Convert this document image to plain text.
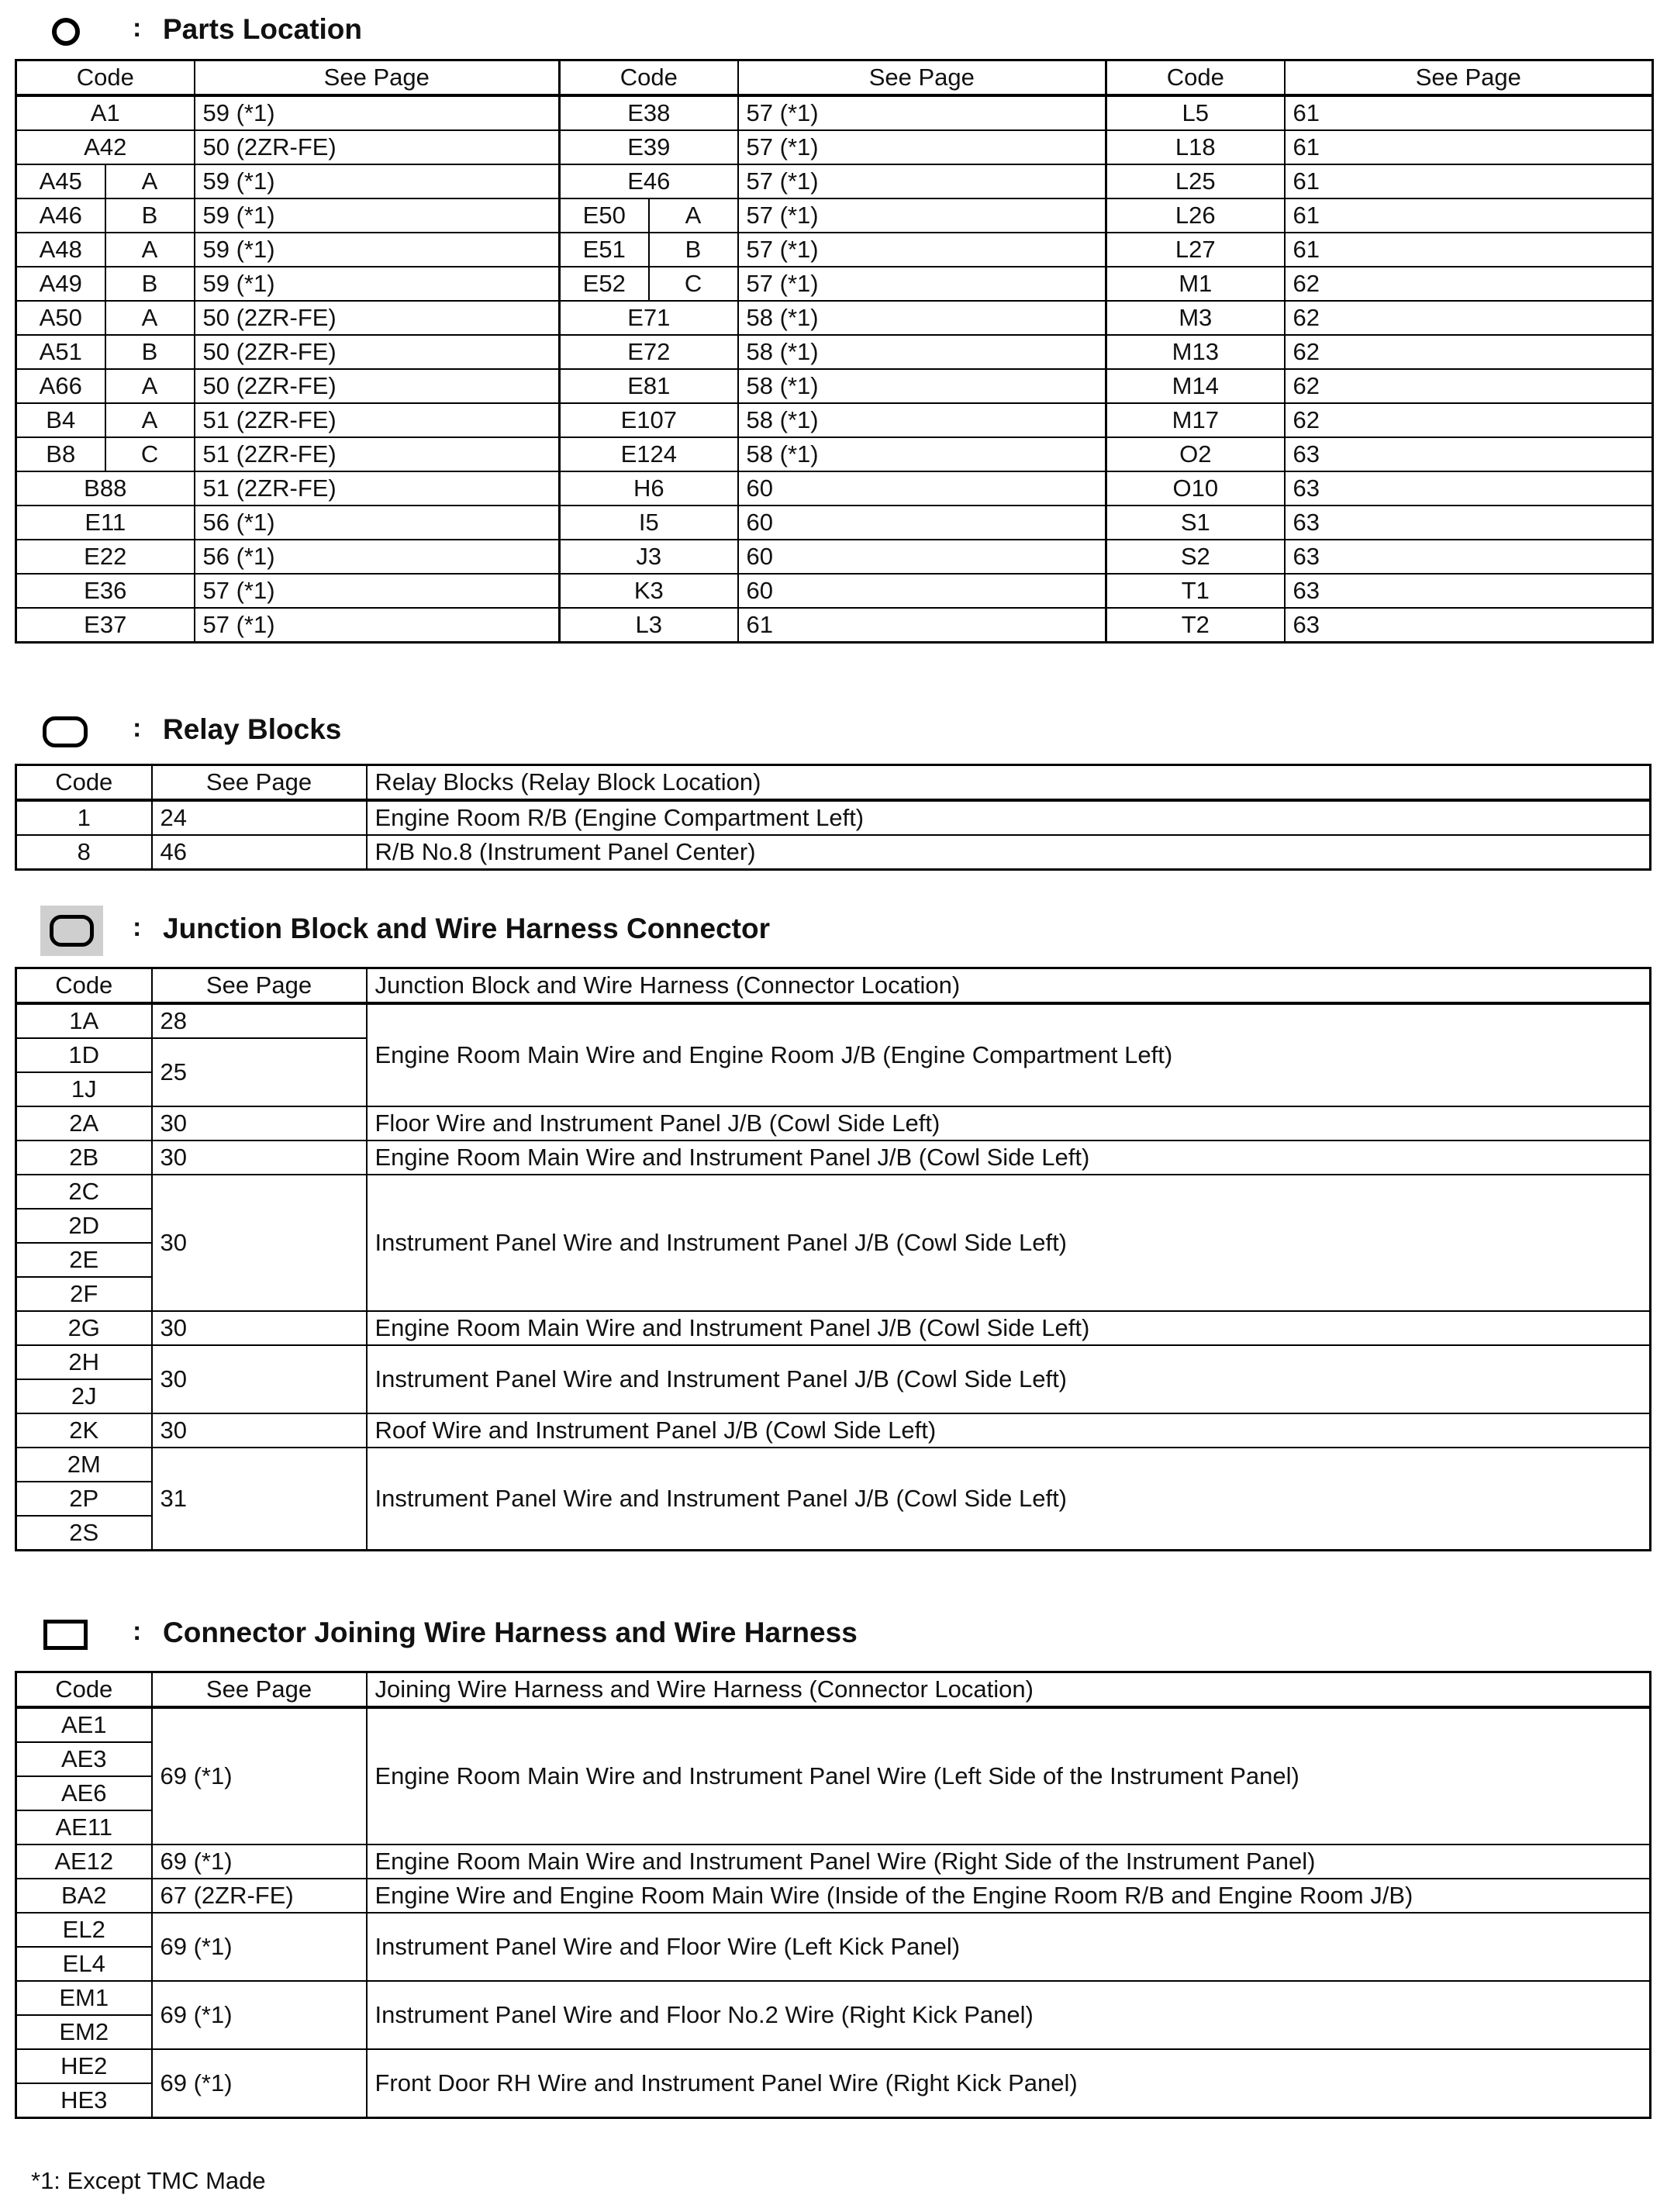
: Parts Location
Code		See Page	Code		See Page	Code	See Page
A1		59 (*1)	E38		57 (*1)	L5	61
A42		50 (2ZR-FE)	E39		57 (*1)	L18	61
A45	A	59 (*1)	E46		57 (*1)	L25	61
A46	B	59 (*1)	E50	A	57 (*1)	L26	61
A48	A	59 (*1)	E51	B	57 (*1)	L27	61
A49	B	59 (*1)	E52	C	57 (*1)	M1	62
A50	A	50 (2ZR-FE)	E71		58 (*1)	M3	62
A51	B	50 (2ZR-FE)	E72		58 (*1)	M13	62
A66	A	50 (2ZR-FE)	E81		58 (*1)	M14	62
B4	A	51 (2ZR-FE)	E107		58 (*1)	M17	62
B8	C	51 (2ZR-FE)	E124		58 (*1)	O2	63
B88		51 (2ZR-FE)	H6		60	O10	63
E11		56 (*1)	I5		60	S1	63
E22		56 (*1)	J3		60	S2	63
E36		57 (*1)	K3		60	T1	63
E37		57 (*1)	L3		61	T2	63
: Relay Blocks
Code	See Page	Relay Blocks (Relay Block Location)
1	24	Engine Room R/B (Engine Compartment Left)
8	46	R/B No.8 (Instrument Panel Center)
: Junction Block and Wire Harness Connector
Code	See Page	Junction Block and Wire Harness (Connector Location)
1A	28	Engine Room Main Wire and Engine Room J/B (Engine Compartment Left)
1D	25	
1J		
2A	30	Floor Wire and Instrument Panel J/B (Cowl Side Left)
2B	30	Engine Room Main Wire and Instrument Panel J/B (Cowl Side Left)
2C	30	Instrument Panel Wire and Instrument Panel J/B (Cowl Side Left)
2D		
2E		
2F		
2G	30	Engine Room Main Wire and Instrument Panel J/B (Cowl Side Left)
2H	30	Instrument Panel Wire and Instrument Panel J/B (Cowl Side Left)
2J		
2K	30	Roof Wire and Instrument Panel J/B (Cowl Side Left)
2M	31	Instrument Panel Wire and Instrument Panel J/B (Cowl Side Left)
2P		
2S		
: Connector Joining Wire Harness and Wire Harness
Code	See Page	Joining Wire Harness and Wire Harness (Connector Location)
AE1	69 (*1)	Engine Room Main Wire and Instrument Panel Wire (Left Side of the Instrument Panel)
AE3		
AE6		
AE11		
AE12	69 (*1)	Engine Room Main Wire and Instrument Panel Wire (Right Side of the Instrument Panel)
BA2	67 (2ZR-FE)	Engine Wire and Engine Room Main Wire (Inside of the Engine Room R/B and Engine Room J/B)
EL2	69 (*1)	Instrument Panel Wire and Floor Wire (Left Kick Panel)
EL4		
EM1	69 (*1)	Instrument Panel Wire and Floor No.2 Wire (Right Kick Panel)
EM2		
HE2	69 (*1)	Front Door RH Wire and Instrument Panel Wire (Right Kick Panel)
HE3		
*1: Except TMC Made
